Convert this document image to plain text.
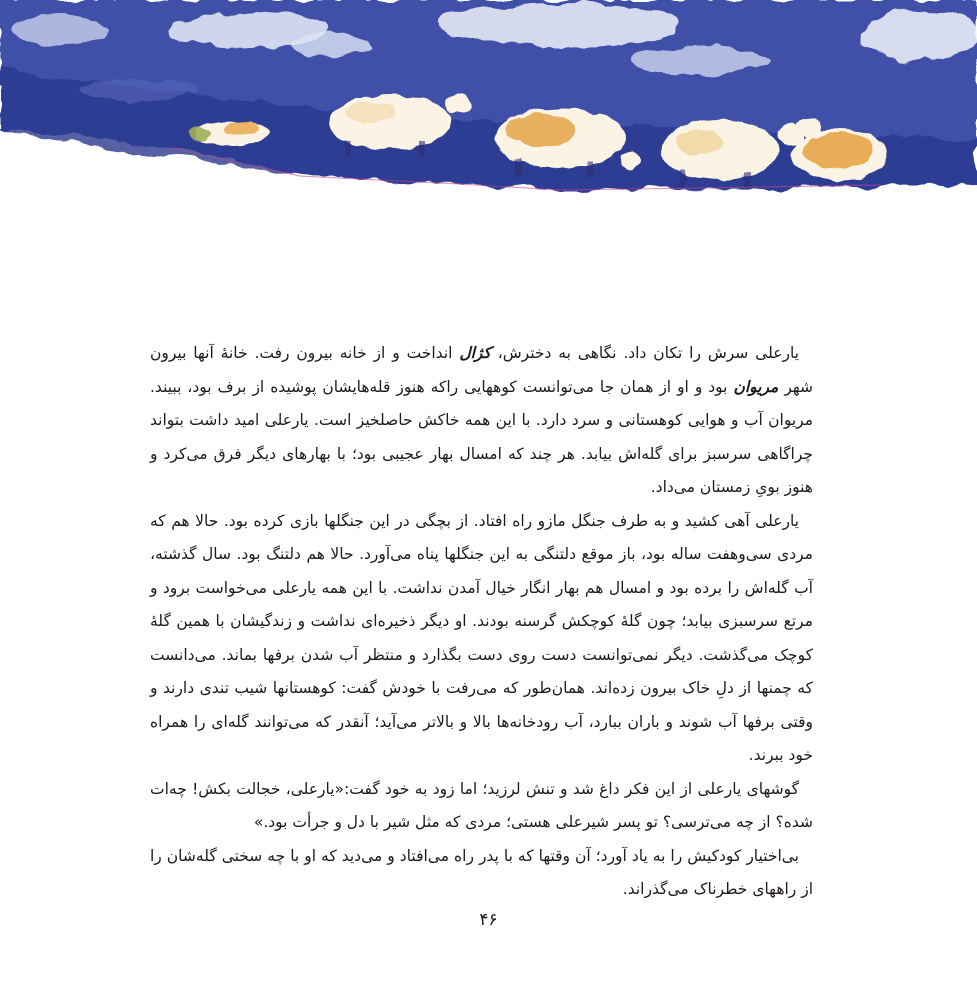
یارعلی سرش را تکان داد. نگاهی به دخترش، کژال انداخت و از خانه بیرون رفت. خانهٔ آنها بیرون شهر مریوان بود و او از همان جا می‌توانست کوههایی راکه هنوز قله‌هایشان پوشیده از برف بود، ببیند. مریوان آب و هوایی کوهستانی و سرد دارد. با این همه خاکش حاصلخیز است. یارعلی امید داشت بتواند چراگاهی سرسبز برای گله‌اش بیابد. هر چند که امسال بهار عجیبی بود؛ با بهارهای دیگر فرق می‌کرد و هنوز بویِ زمستان می‌داد.

یارعلی آهی کشید و به طرف جنگل مازو راه افتاد. از بچگی در این جنگلها بازی کرده بود. حالا هم که مردی سی‌وهفت ساله بود، باز موقع دلتنگی به این جنگلها پناه می‌آورد. حالا هم دلتنگ بود. سال گذشته، آب گله‌اش را برده بود و امسال هم بهار انگار خیال آمدن نداشت. با این همه یارعلی می‌خواست برود و مرتع سرسبزی بیابد؛ چون گلهٔ کوچکش گرسنه بودند. او دیگر ذخیره‌ای نداشت و زندگیشان با همین گلهٔ کوچک می‌گذشت. دیگر نمی‌توانست دست روی دست بگذارد و منتظر آب شدن برفها بماند. می‌دانست که چمنها از دلِ خاک بیرون زده‌اند. همان‌طور که می‌رفت با خودش گفت: کوهستانها شیب تندی دارند و وقتی برفها آب شوند و باران ببارد، آب رودخانه‌ها بالا و بالاتر می‌آید؛ آنقدر که می‌توانند گله‌ای را همراه خود ببرند.

گوشهای یارعلی از این فکر داغ شد و تنش لرزید؛ اما زود به خود گفت:«یارعلی، خجالت بکش! چه‌ات شده؟ از چه می‌ترسی؟ تو پسر شیرعلی هستی؛ مردی که مثل شیر با دل و جرأت بود.»

بی‌اختیار کودکیش را به یاد آورد؛ آن وقتها که با پدر راه می‌افتاد و می‌دید که او با چه سختی گله‌شان را از راههای خطرناک می‌گذراند.

۴۶
